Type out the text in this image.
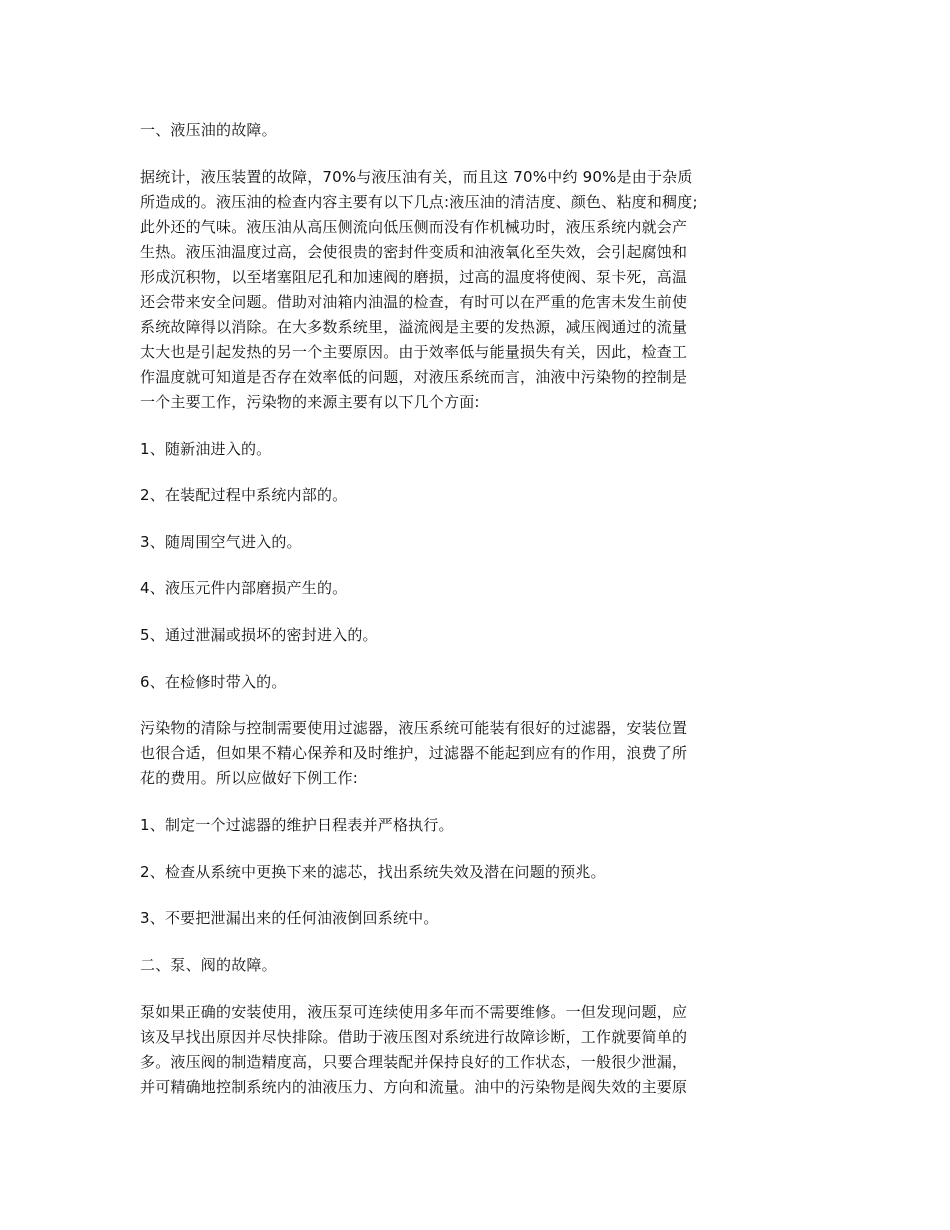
一、液压油的故障。

据统计，液压装置的故障，70%与液压油有关，而且这 70%中约 90%是由于杂质
所造成的。液压油的检查内容主要有以下几点:液压油的清洁度、颜色、粘度和稠度;
此外还的气味。液压油从高压侧流向低压侧而没有作机械功时，液压系统内就会产
生热。液压油温度过高，会使很贵的密封件变质和油液氧化至失效，会引起腐蚀和
形成沉积物，以至堵塞阻尼孔和加速阀的磨损，过高的温度将使阀、泵卡死，高温
还会带来安全问题。借助对油箱内油温的检查，有时可以在严重的危害未发生前使
系统故障得以消除。在大多数系统里，溢流阀是主要的发热源，减压阀通过的流量
太大也是引起发热的另一个主要原因。由于效率低与能量损失有关，因此，检查工
作温度就可知道是否存在效率低的问题，对液压系统而言，油液中污染物的控制是
一个主要工作，污染物的来源主要有以下几个方面:

1、随新油进入的。

2、在装配过程中系统内部的。

3、随周围空气进入的。

4、液压元件内部磨损产生的。

5、通过泄漏或损坏的密封进入的。

6、在检修时带入的。

污染物的清除与控制需要使用过滤器，液压系统可能装有很好的过滤器，安装位置
也很合适，但如果不精心保养和及时维护，过滤器不能起到应有的作用，浪费了所
花的费用。所以应做好下例工作:

1、制定一个过滤器的维护日程表并严格执行。

2、检查从系统中更换下来的滤芯，找出系统失效及潜在问题的预兆。

3、不要把泄漏出来的任何油液倒回系统中。

二、泵、阀的故障。

泵如果正确的安装使用，液压泵可连续使用多年而不需要维修。一但发现问题，应
该及早找出原因并尽快排除。借助于液压图对系统进行故障诊断，工作就要简单的
多。液压阀的制造精度高，只要合理装配并保持良好的工作状态，一般很少泄漏，
并可精确地控制系统内的油液压力、方向和流量。油中的污染物是阀失效的主要原
